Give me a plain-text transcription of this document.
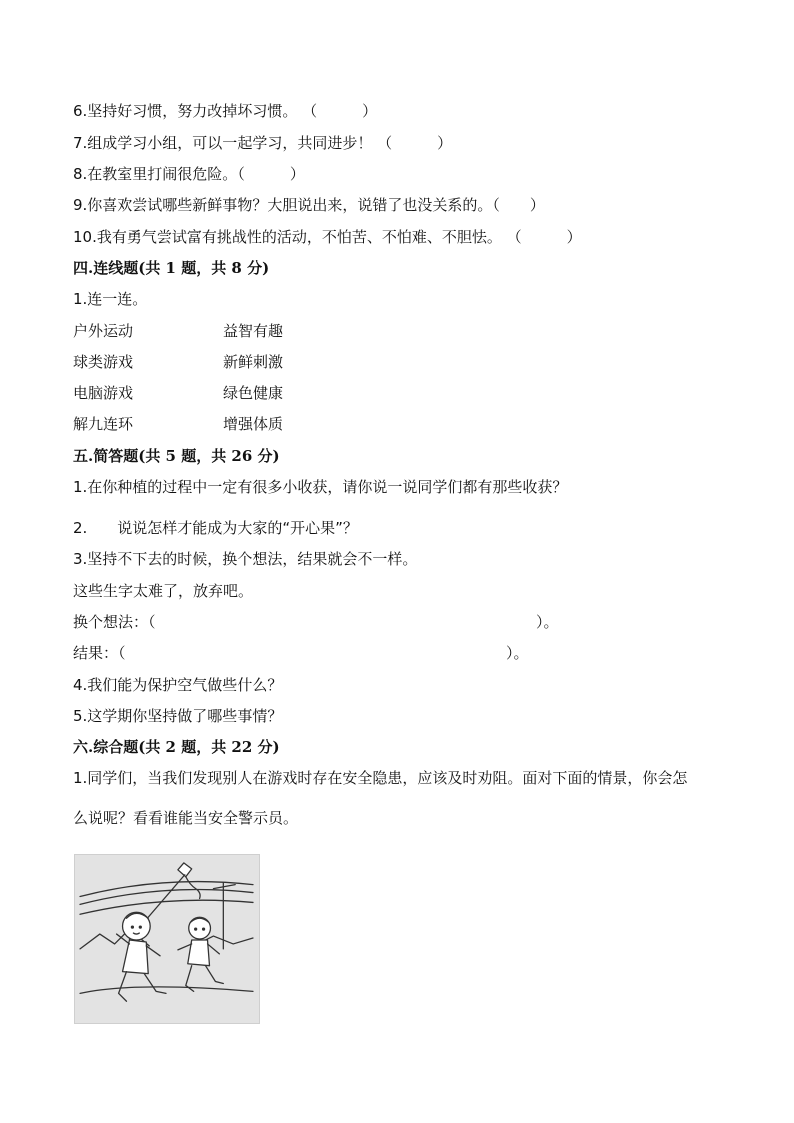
6.坚持好习惯，努力改掉坏习惯。 （　　　）
7.组成学习小组，可以一起学习，共同进步！ （　　　）
8.在教室里打闹很危险。（　　　）
9.你喜欢尝试哪些新鲜事物？大胆说出来，说错了也没关系的。（　　）
10.我有勇气尝试富有挑战性的活动，不怕苦、不怕难、不胆怯。 （　　　）
四.连线题(共 1 题，共 8 分)
1.连一连。
户外运动	益智有趣
球类游戏	新鲜刺激
电脑游戏	绿色健康
解九连环	增强体质
五.简答题(共 5 题，共 26 分)
1.在你种植的过程中一定有很多小收获，请你说一说同学们都有那些收获？
2.　　说说怎样才能成为大家的“开心果”？
3.坚持不下去的时候，换个想法，结果就会不一样。
这些生字太难了，放弃吧。
换个想法：（	）。
结果：（	）。
4.我们能为保护空气做些什么？
5.这学期你坚持做了哪些事情？
六.综合题(共 2 题，共 22 分)
1.同学们，当我们发现别人在游戏时存在安全隐患，应该及时劝阻。面对下面的情景，你会怎
么说呢？看看谁能当安全警示员。
